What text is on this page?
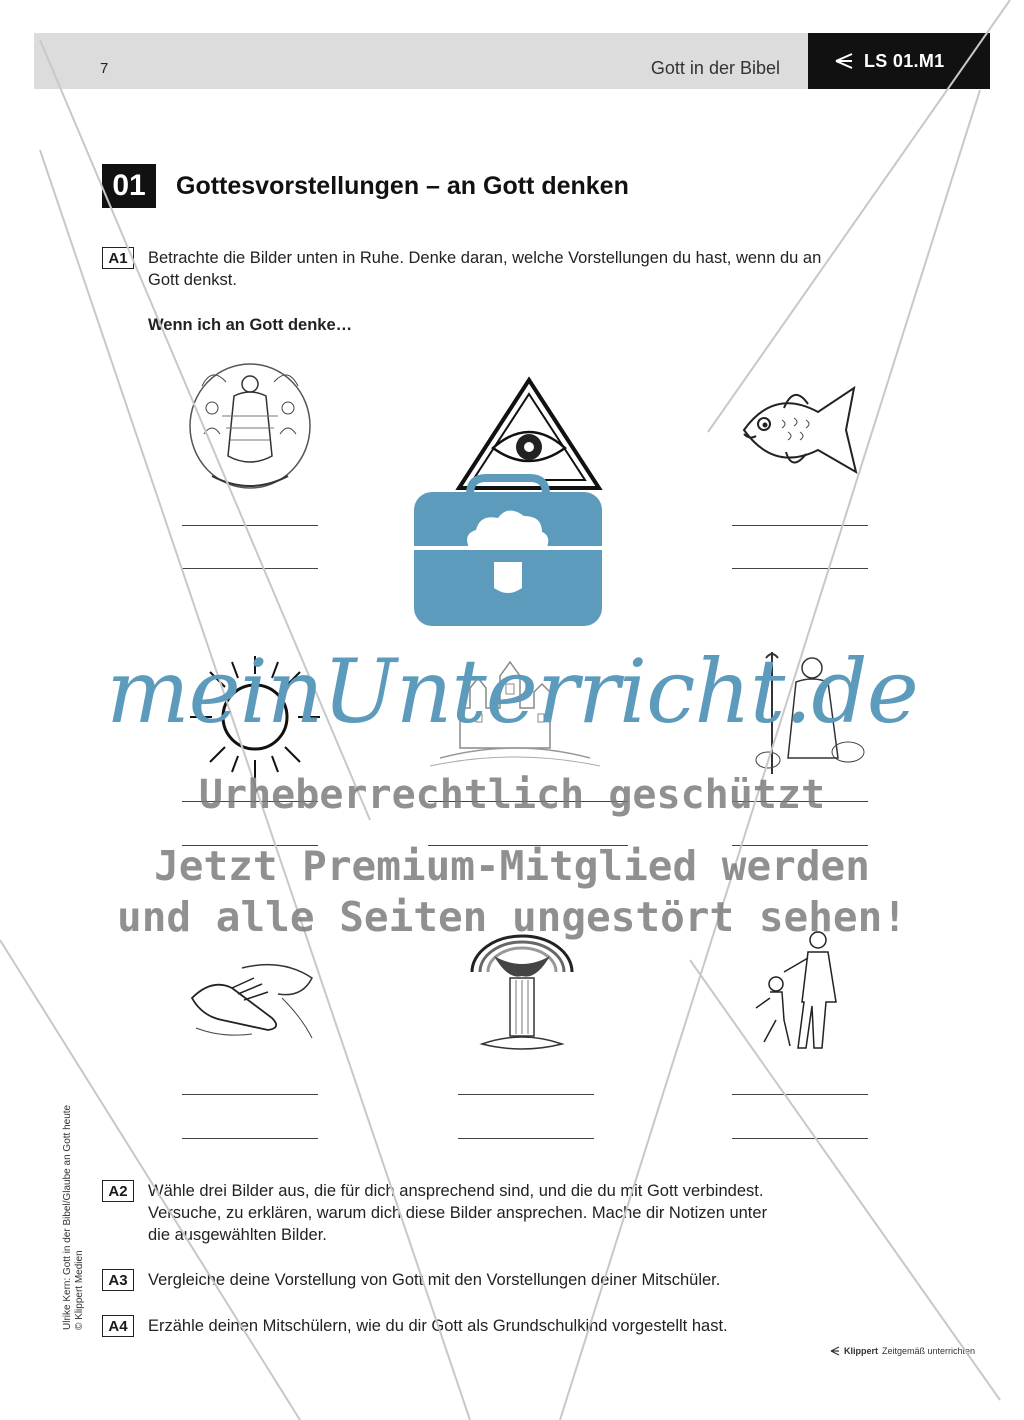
7	Gott in der Bibel	LS 01.M1
01	Gottesvorstellungen – an Gott denken
A1	Betrachte die Bilder unten in Ruhe. Denke daran, welche Vorstellungen du hast, wenn du an
Gott denkst.
Wenn ich an Gott denke…
A2	Wähle drei Bilder aus, die für dich ansprechend sind, und die du mit Gott verbindest.
Versuche, zu erklären, warum dich diese Bilder ansprechen. Mache dir Notizen unter
die ausgewählten Bilder.
A3	Vergleiche deine Vorstellung von Gott mit den Vorstellungen deiner Mitschüler.
A4	Erzähle deinen Mitschülern, wie du dir Gott als Grundschulkind vorgestellt hast.
Ulrike Kern: Gott in der Bibel/Glaube an Gott heute © Klippert Medien
Klippert Zeitgemäß unterrichten
meinUnterricht.de
Urheberrechtlich geschützt
Jetzt Premium-Mitglied werden
und alle Seiten ungestört sehen!
